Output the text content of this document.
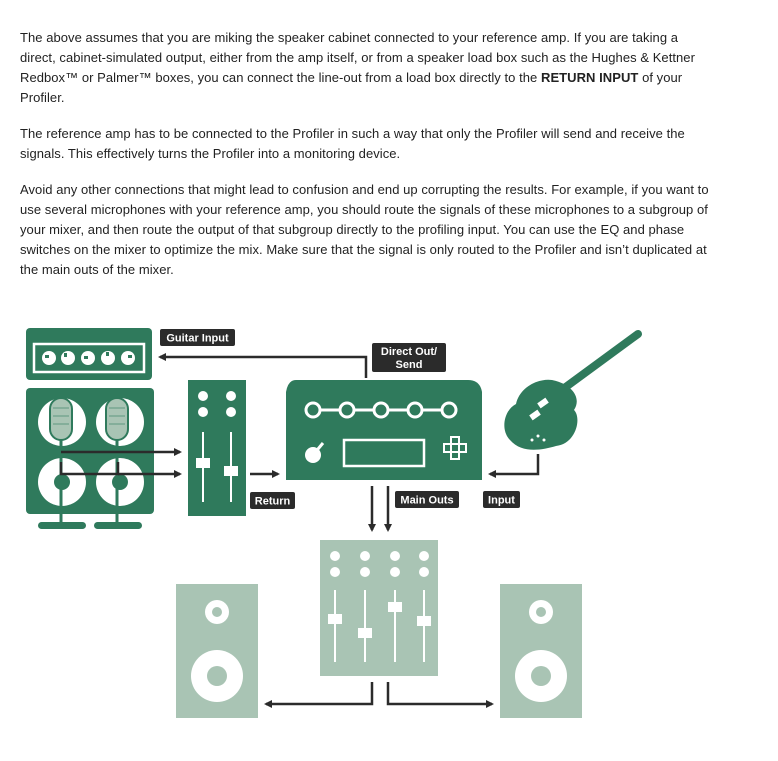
The above assumes that you are miking the speaker cabinet connected to your reference amp. If you are taking a direct, cabinet-simulated output, either from the amp itself, or from a speaker load box such as the Hughes & Kettner Redbox™ or Palmer™ boxes, you can connect the line-out from a load box directly to the RETURN INPUT of your Profiler.

The reference amp has to be connected to the Profiler in such a way that only the Profiler will send and receive the signals. This effectively turns the Profiler into a monitoring device.

Avoid any other connections that might lead to confusion and end up corrupting the results. For example, if you want to use several microphones with your reference amp, you should route the signals of these microphones to a subgroup of your mixer, and then route the output of that subgroup directly to the profiling input. You can use the EQ and phase switches on the mixer to optimize the mix. Make sure that the signal is only routed to the Profiler and isn’t duplicated at the main outs of the mixer.

Guitar Input
Direct Out/
Send
Return	Main Outs	Input
